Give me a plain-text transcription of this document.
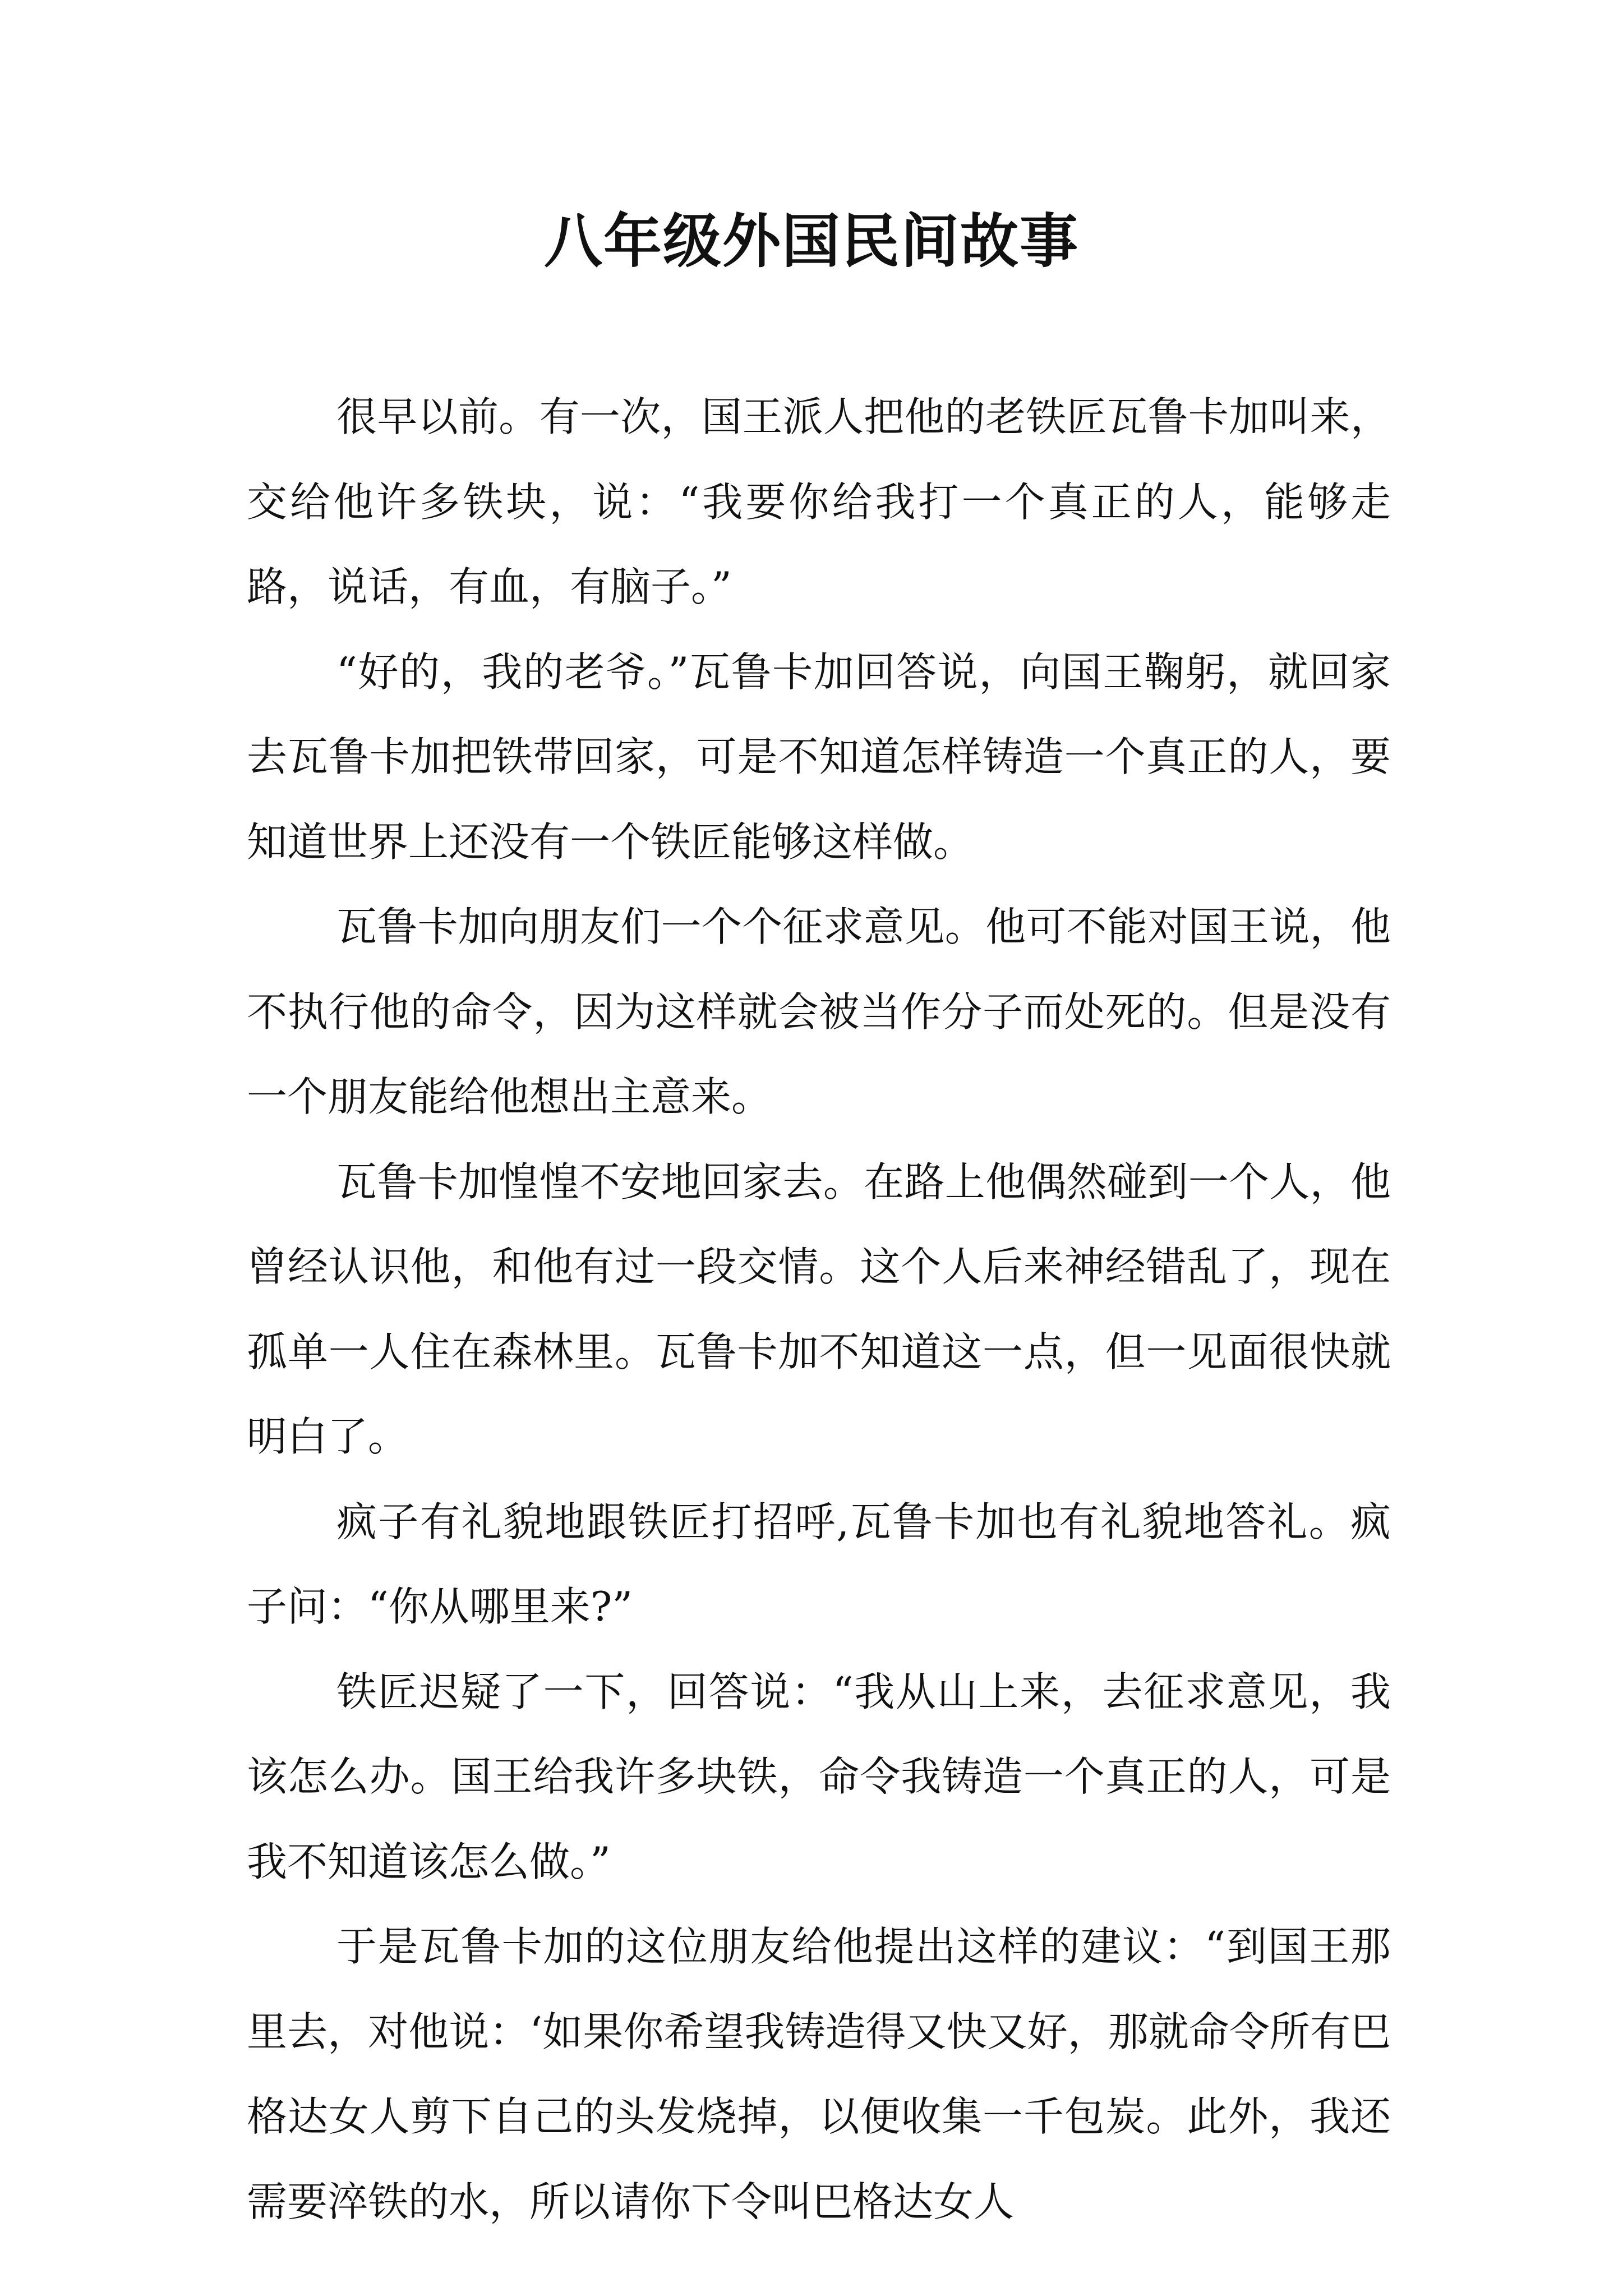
八年级外国民间故事

很早以前。有一次，国王派人把他的老铁匠瓦鲁卡加叫来，交给他许多铁块，说：“我要你给我打一个真正的人，能够走路，说话，有血，有脑子。”

“好的，我的老爷。”瓦鲁卡加回答说，向国王鞠躬，就回家去瓦鲁卡加把铁带回家，可是不知道怎样铸造一个真正的人，要知道世界上还没有一个铁匠能够这样做。

瓦鲁卡加向朋友们一个个征求意见。他可不能对国王说，他不执行他的命令，因为这样就会被当作分子而处死的。但是没有一个朋友能给他想出主意来。

瓦鲁卡加惶惶不安地回家去。在路上他偶然碰到一个人，他曾经认识他，和他有过一段交情。这个人后来神经错乱了，现在孤单一人住在森林里。瓦鲁卡加不知道这一点，但一见面很快就明白了。

疯子有礼貌地跟铁匠打招呼,瓦鲁卡加也有礼貌地答礼。疯子问：“你从哪里来?”

铁匠迟疑了一下，回答说：“我从山上来，去征求意见，我该怎么办。国王给我许多块铁，命令我铸造一个真正的人，可是我不知道该怎么做。”

于是瓦鲁卡加的这位朋友给他提出这样的建议：“到国王那里去，对他说：‘如果你希望我铸造得又快又好，那就命令所有巴格达女人剪下自己的头发烧掉，以便收集一千包炭。此外，我还需要淬铁的水，所以请你下令叫巴格达女人
